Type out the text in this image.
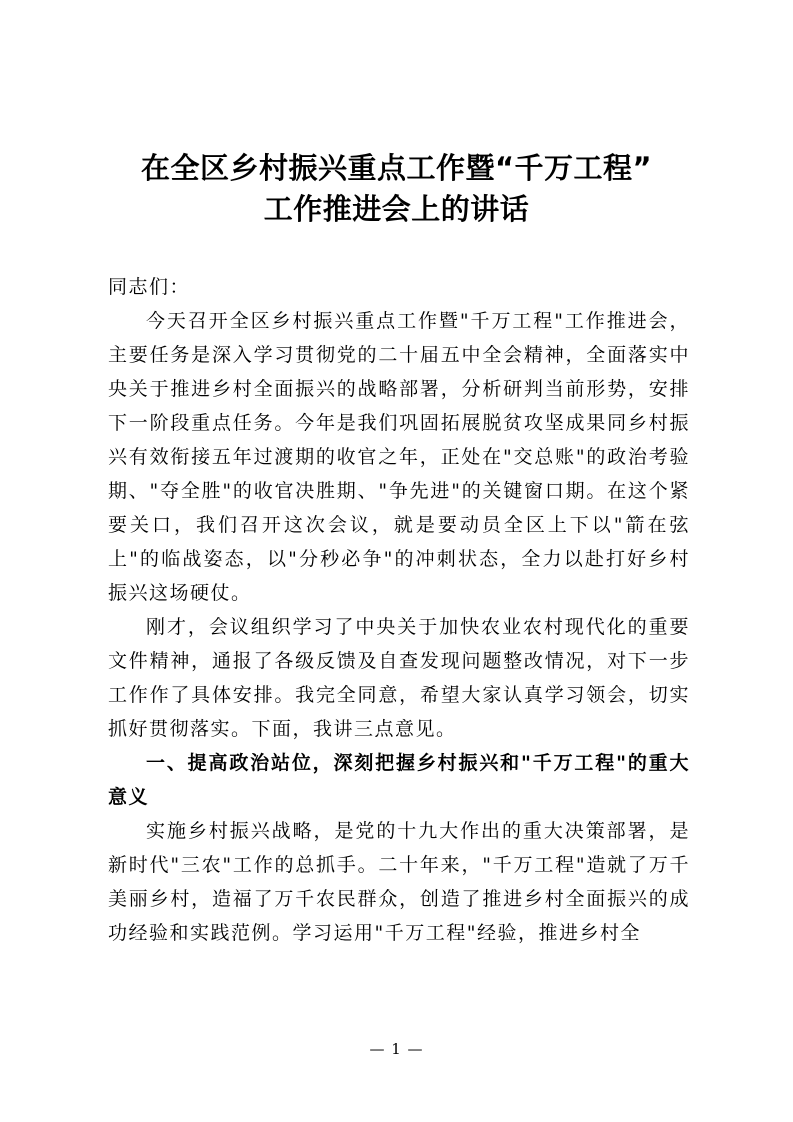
在全区乡村振兴重点工作暨“千万工程”
工作推进会上的讲话

同志们：

今天召开全区乡村振兴重点工作暨"千万工程"工作推进会，主要任务是深入学习贯彻党的二十届五中全会精神，全面落实中央关于推进乡村全面振兴的战略部署，分析研判当前形势，安排下一阶段重点任务。今年是我们巩固拓展脱贫攻坚成果同乡村振兴有效衔接五年过渡期的收官之年，正处在"交总账"的政治考验期、"夺全胜"的收官决胜期、"争先进"的关键窗口期。在这个紧要关口，我们召开这次会议，就是要动员全区上下以"箭在弦上"的临战姿态，以"分秒必争"的冲刺状态，全力以赴打好乡村振兴这场硬仗。

刚才，会议组织学习了中央关于加快农业农村现代化的重要文件精神，通报了各级反馈及自查发现问题整改情况，对下一步工作作了具体安排。我完全同意，希望大家认真学习领会，切实抓好贯彻落实。下面，我讲三点意见。

一、提高政治站位，深刻把握乡村振兴和"千万工程"的重大意义

实施乡村振兴战略，是党的十九大作出的重大决策部署，是新时代"三农"工作的总抓手。二十年来，"千万工程"造就了万千美丽乡村，造福了万千农民群众，创造了推进乡村全面振兴的成功经验和实践范例。学习运用"千万工程"经验，推进乡村全

— 1 —
